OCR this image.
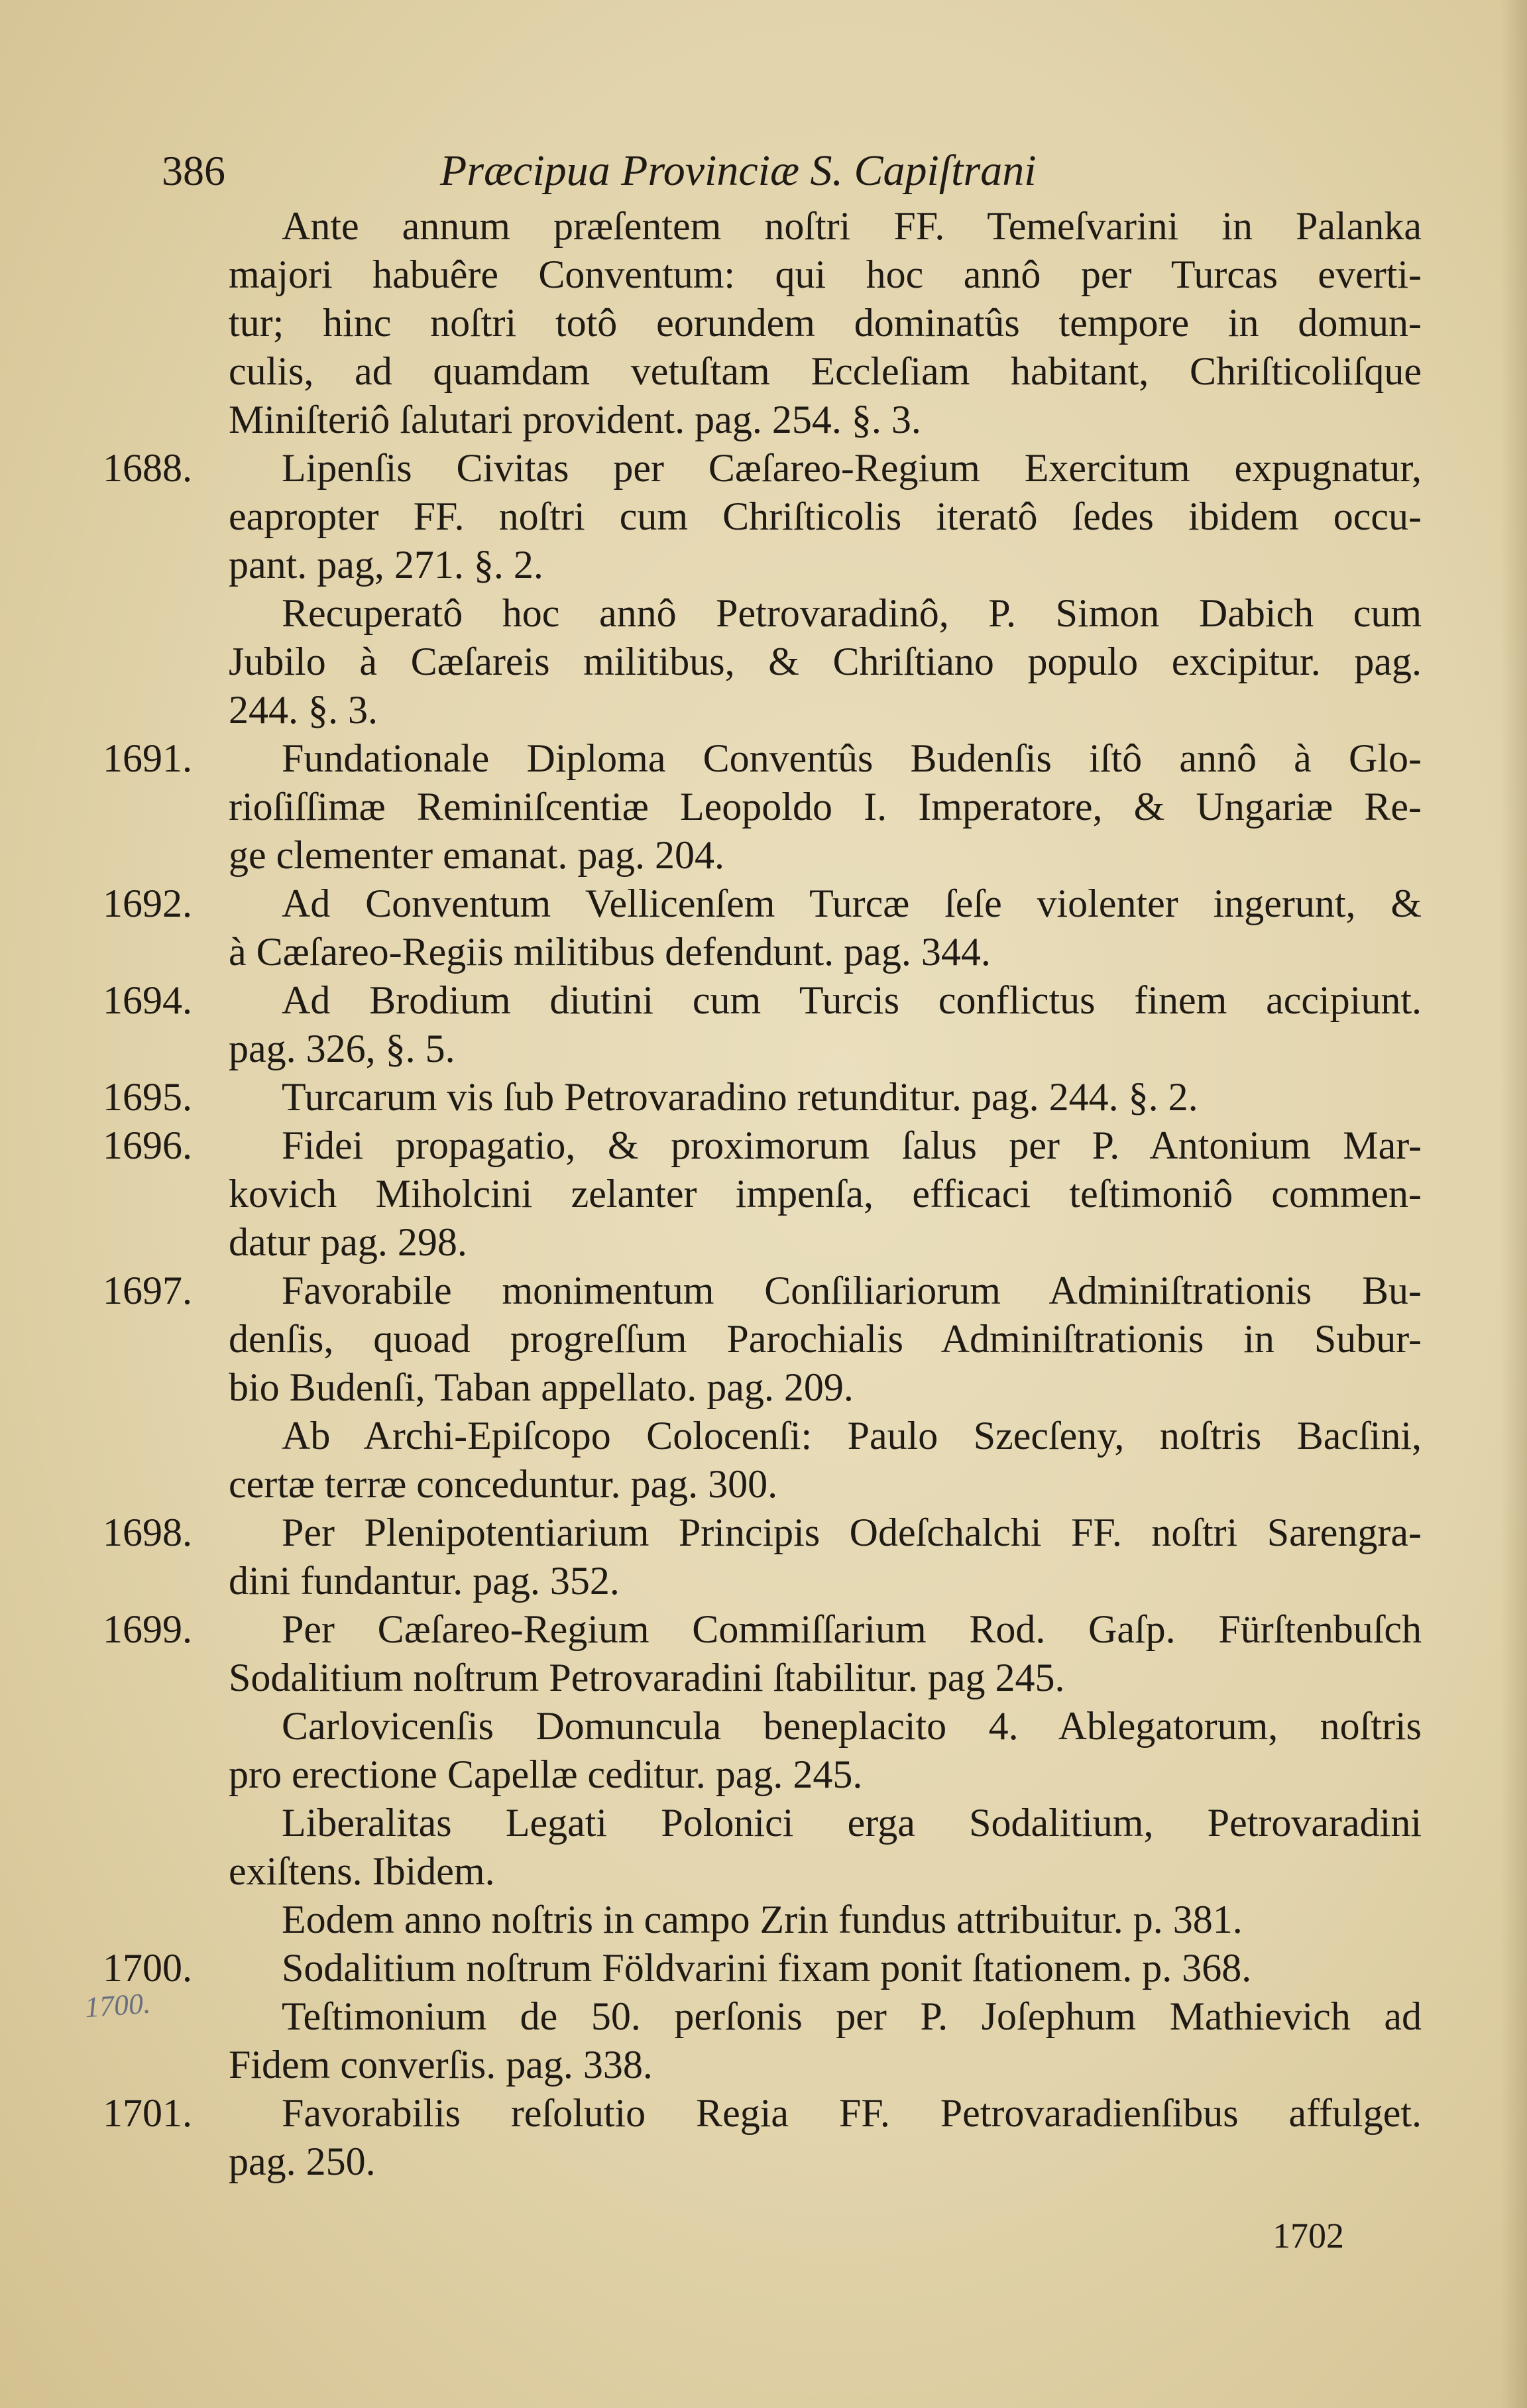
386	Præcipua Provinciæ S. Capiſtrani

Ante annum præſentem noſtri FF. Temeſvarini in Palanka
majori habuêre Conventum: qui hoc annô per Turcas everti-
tur; hinc noſtri totô eorundem dominatûs tempore in domun-
culis, ad quamdam vetuſtam Eccleſiam habitant, Chriſticoliſque
Miniſteriô ſalutari provident. pag. 254. §. 3.

1688.	Lipenſis Civitas per Cæſareo-Regium Exercitum expugnatur,
eapropter FF. noſtri cum Chriſticolis iteratô ſedes ibidem occu-
pant. pag, 271. §. 2.

Recuperatô hoc annô Petrovaradinô, P. Simon Dabich cum
Jubilo à Cæſareis militibus, & Chriſtiano populo excipitur. pag.
244. §. 3.

1691.	Fundationale Diploma Conventûs Budenſis iſtô annô à Glo-
rioſiſſimæ Reminiſcentiæ Leopoldo I. Imperatore, & Ungariæ Re-
ge clementer emanat. pag. 204.

1692.	Ad Conventum Vellicenſem Turcæ ſeſe violenter ingerunt, &
à Cæſareo-Regiis militibus defendunt. pag. 344.

1694.	Ad Brodium diutini cum Turcis conflictus finem accipiunt.
pag. 326, §. 5.

1695.	Turcarum vis ſub Petrovaradino retunditur. pag. 244. §. 2.

1696.	Fidei propagatio, & proximorum ſalus per P. Antonium Mar-
kovich Miholcini zelanter impenſa, efficaci teſtimoniô commen-
datur pag. 298.

1697.	Favorabile monimentum Conſiliariorum Adminiſtrationis Bu-
denſis, quoad progreſſum Parochialis Adminiſtrationis in Subur-
bio Budenſi, Taban appellato. pag. 209.

Ab Archi-Epiſcopo Colocenſi: Paulo Szecſeny, noſtris Bacſini,
certæ terræ conceduntur. pag. 300.

1698.	Per Plenipotentiarium Principis Odeſchalchi FF. noſtri Sarengra-
dini fundantur. pag. 352.

1699.	Per Cæſareo-Regium Commiſſarium Rod. Gaſp. Fürſtenbuſch
Sodalitium noſtrum Petrovaradini ſtabilitur. pag 245.

Carlovicenſis Domuncula beneplacito 4. Ablegatorum, noſtris
pro erectione Capellæ ceditur. pag. 245.

Liberalitas Legati Polonici erga Sodalitium, Petrovaradini
exiſtens. Ibidem.

Eodem anno noſtris in campo Zrin fundus attribuitur. p. 381.

1700.	Sodalitium noſtrum Földvarini fixam ponit ſtationem. p. 368.

Teſtimonium de 50. perſonis per P. Joſephum Mathievich ad
Fidem converſis. pag. 338.

1701.	Favorabilis reſolutio Regia FF. Petrovaradienſibus affulget.
pag. 250.

1700.
1702
